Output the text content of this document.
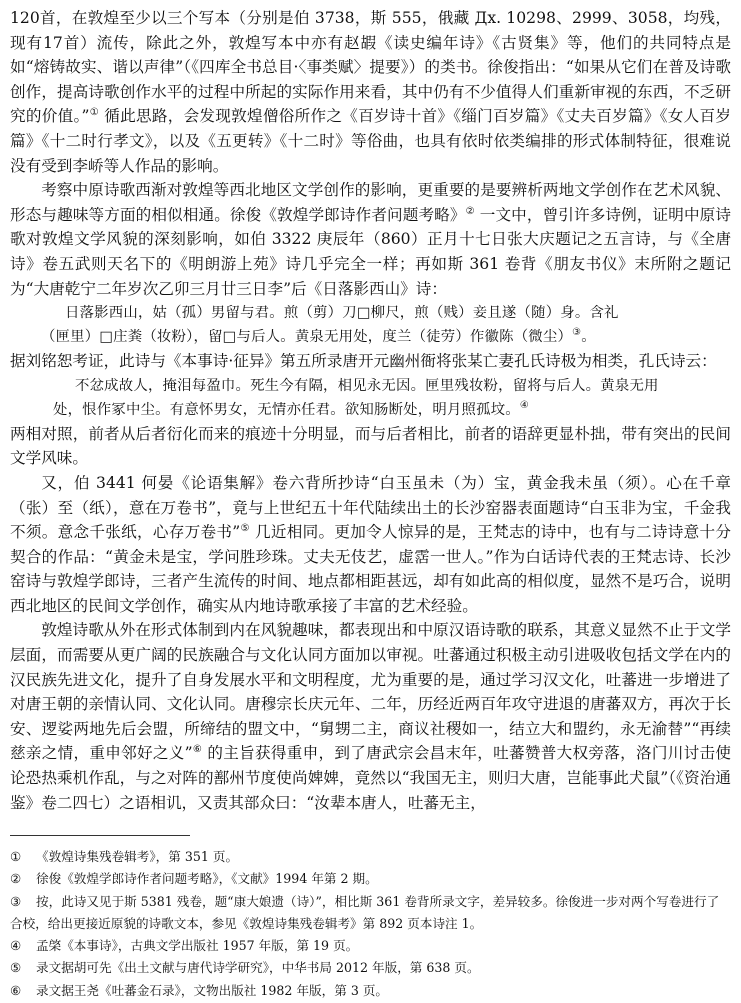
120首，在敦煌至少以三个写本（分别是伯 3738，斯 555，俄藏 Дx. 10298、2999、3058，均残，现有17首）流传，除此之外，敦煌写本中亦有赵嘏《读史编年诗》《古贤集》等，他们的共同特点是如“熔铸故实、谐以声律”（《四库全书总目·〈事类赋〉提要》）的类书。徐俊指出：“如果从它们在普及诗歌创作，提高诗歌创作水平的过程中所起的实际作用来看，其中仍有不少值得人们重新审视的东西，不乏研究的价值。”① 循此思路，会发现敦煌僧俗所作之《百岁诗十首》《缁门百岁篇》《丈夫百岁篇》《女人百岁篇》《十二时行孝文》，以及《五更转》《十二时》等俗曲，也具有依时依类编排的形式体制特征，很难说没有受到李峤等人作品的影响。

考察中原诗歌西渐对敦煌等西北地区文学创作的影响，更重要的是要辨析两地文学创作在艺术风貌、形态与趣味等方面的相似相通。徐俊《敦煌学郎诗作者问题考略》② 一文中，曾引许多诗例，证明中原诗歌对敦煌文学风貌的深刻影响，如伯 3322 庚辰年（860）正月十七日张大庆题记之五言诗，与《全唐诗》卷五武则天名下的《明朗游上苑》诗几乎完全一样；再如斯 361 卷背《朋友书仪》末所附之题记为“大唐乾宁二年岁次乙卯三月廿三日李”后《日落影西山》诗：

日落影西山，姑（孤）男留与君。煎（剪）刀□柳尺，煎（贱）妾且遂（随）身。含礼
（匣里）□庄粪（妆粉），留□与后人。黄泉无用处，度兰（徒劳）作徽陈（微尘）③。

据刘铭恕考证，此诗与《本事诗·征异》第五所录唐开元幽州衙将张某亡妻孔氏诗极为相类，孔氏诗云：

不忿成故人，掩泪每盈巾。死生今有隔，相见永无因。匣里残妆粉，留将与后人。黄泉无用
处，恨作冢中尘。有意怀男女，无情亦任君。欲知肠断处，明月照孤坟。④

两相对照，前者从后者衍化而来的痕迹十分明显，而与后者相比，前者的语辞更显朴拙，带有突出的民间文学风味。

又，伯 3441 何晏《论语集解》卷六背所抄诗“白玉虽未（为）宝，黄金我未虽（须）。心在千章（张）至（纸），意在万卷书”，竟与上世纪五十年代陆续出土的长沙窑器表面题诗“白玉非为宝，千金我不须。意念千张纸，心存万卷书”⑤ 几近相同。更加令人惊异的是，王梵志的诗中，也有与二诗诗意十分契合的作品：“黄金未是宝，学问胜珍珠。丈夫无伎艺，虚霑一世人。”作为白话诗代表的王梵志诗、长沙窑诗与敦煌学郎诗，三者产生流传的时间、地点都相距甚远，却有如此高的相似度，显然不是巧合，说明西北地区的民间文学创作，确实从内地诗歌承接了丰富的艺术经验。

敦煌诗歌从外在形式体制到内在风貌趣味，都表现出和中原汉语诗歌的联系，其意义显然不止于文学层面，而需要从更广阔的民族融合与文化认同方面加以审视。吐蕃通过积极主动引进吸收包括文学在内的汉民族先进文化，提升了自身发展水平和文明程度，尤为重要的是，通过学习汉文化，吐蕃进一步增进了对唐王朝的亲情认同、文化认同。唐穆宗长庆元年、二年，历经近两百年攻守进退的唐蕃双方，再次于长安、逻娑两地先后会盟，所缔结的盟文中，“舅甥二主，商议社稷如一，结立大和盟约，永无渝替”“再续慈亲之情，重申邻好之义”⑥ 的主旨获得重申，到了唐武宗会昌末年，吐蕃赞普大权旁落，洛门川讨击使论恐热乘机作乱，与之对阵的鄯州节度使尚婢婢，竟然以“我国无主，则归大唐，岂能事此犬鼠”（《资治通鉴》卷二四七）之语相讥，又责其部众曰：“汝辈本唐人，吐蕃无主，

① 《敦煌诗集残卷辑考》，第 351 页。

② 徐俊《敦煌学郎诗作者问题考略》，《文献》1994 年第 2 期。

③ 按，此诗又见于斯 5381 残卷，题“康大娘遗（诗）”，相比斯 361 卷背所录文字，差异较多。徐俊进一步对两个写卷进行了合校，给出更接近原貌的诗歌文本，参见《敦煌诗集残卷辑考》第 892 页本诗注 1。

④ 孟棨《本事诗》，古典文学出版社 1957 年版，第 19 页。

⑤ 录文据胡可先《出土文献与唐代诗学研究》，中华书局 2012 年版，第 638 页。

⑥ 录文据王尧《吐蕃金石录》，文物出版社 1982 年版，第 3 页。
